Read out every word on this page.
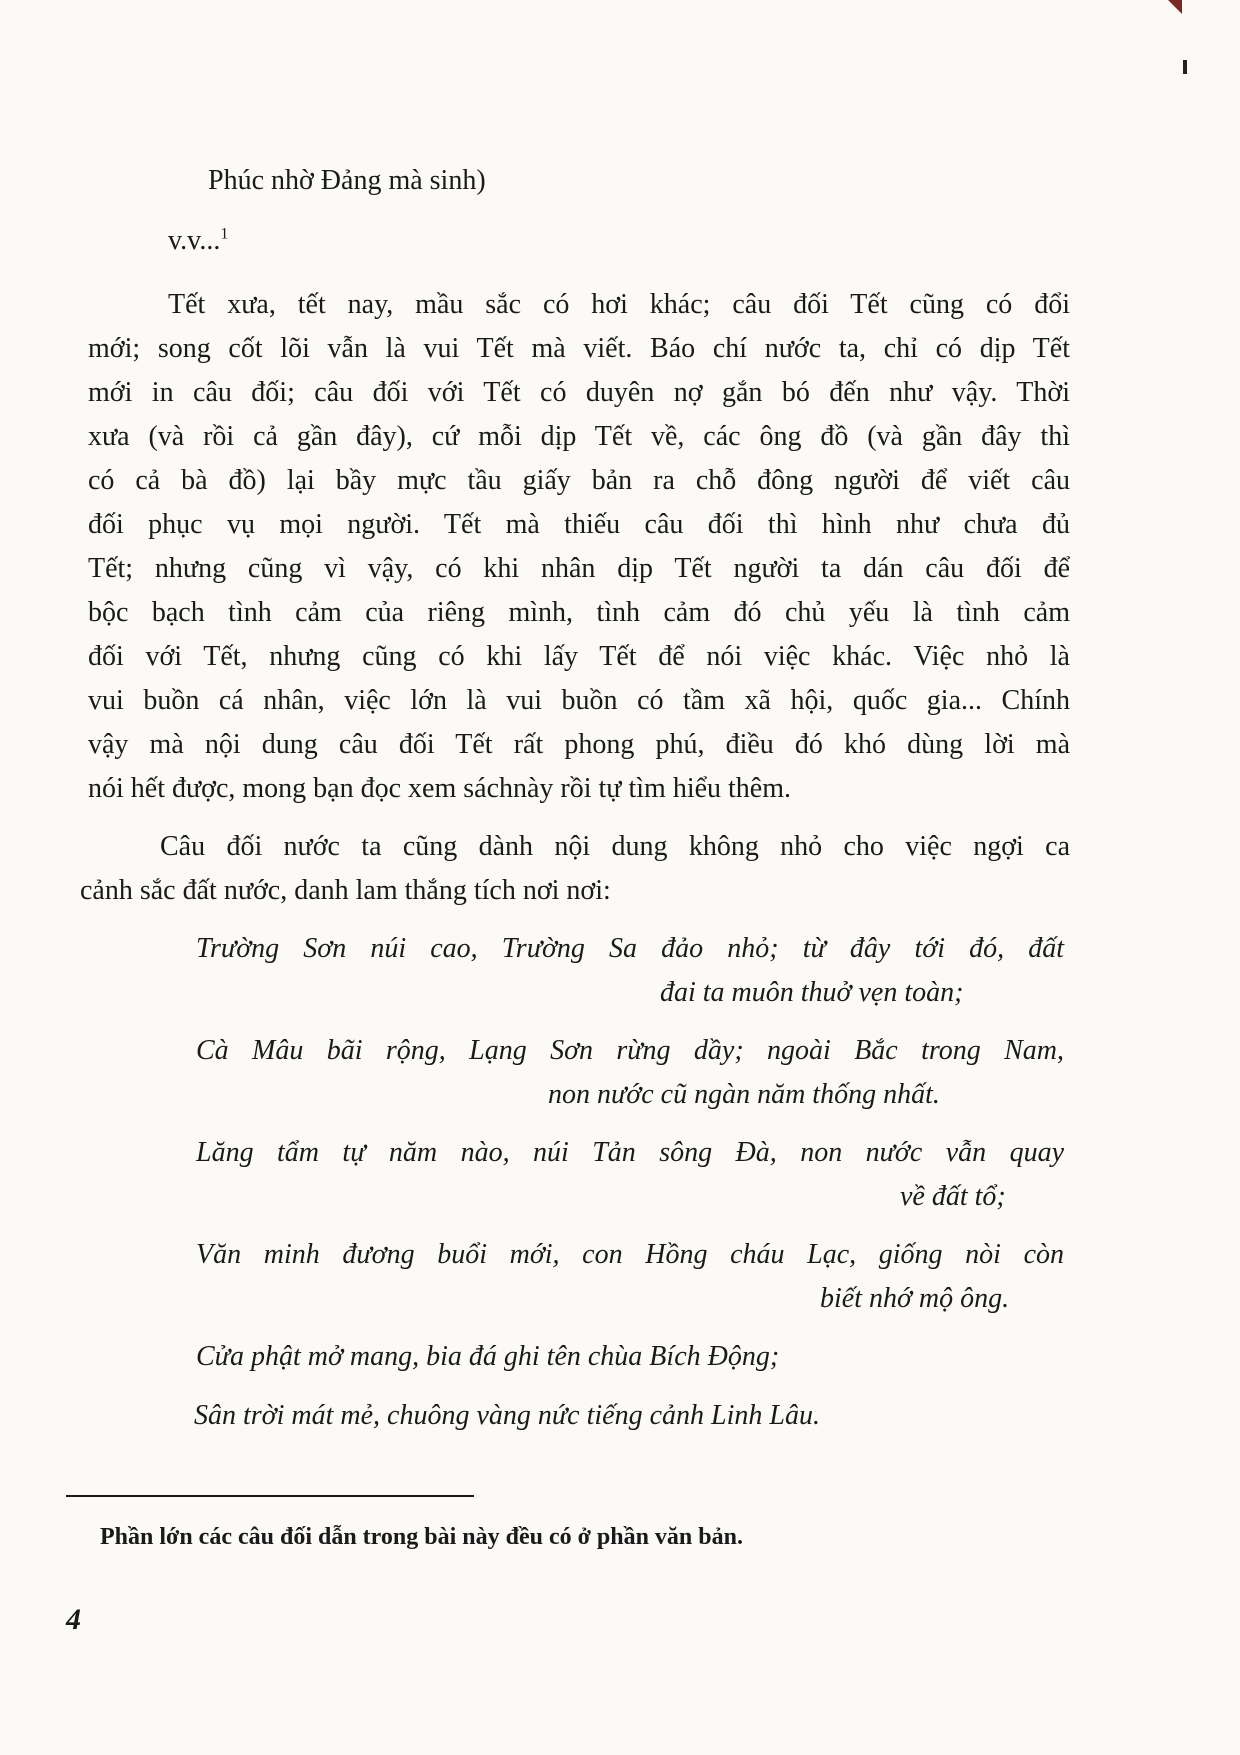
Phúc nhờ Đảng mà sinh)
v.v...$^1$
Tết xưa, tết nay, mầu sắc có hơi khác; câu đối Tết cũng có đổi
mới; song cốt lõi vẫn là vui Tết mà viết. Báo chí nước ta, chỉ có dịp Tết
mới in câu đối; câu đối với Tết có duyên nợ gắn bó đến như vậy. Thời
xưa (và rồi cả gần đây), cứ mỗi dịp Tết về, các ông đồ (và gần đây thì
có cả bà đồ) lại bầy mực tầu giấy bản ra chỗ đông người để viết câu
đối phục vụ mọi người. Tết mà thiếu câu đối thì hình như chưa đủ
Tết; nhưng cũng vì vậy, có khi nhân dịp Tết người ta dán câu đối để
bộc bạch tình cảm của riêng mình, tình cảm đó chủ yếu là tình cảm
đối với Tết, nhưng cũng có khi lấy Tết để nói việc khác. Việc nhỏ là
vui buồn cá nhân, việc lớn là vui buồn có tầm xã hội, quốc gia... Chính
vậy mà nội dung câu đối Tết rất phong phú, điều đó khó dùng lời mà
nói hết được, mong bạn đọc xem sáchnày rồi tự tìm hiểu thêm.
Câu đối nước ta cũng dành nội dung không nhỏ cho việc ngợi ca
cảnh sắc đất nước, danh lam thắng tích nơi nơi:
Trường Sơn núi cao, Trường Sa đảo nhỏ; từ đây tới đó, đất
đai ta muôn thuở vẹn toàn;
Cà Mâu bãi rộng, Lạng Sơn rừng dầy; ngoài Bắc trong Nam,
non nước cũ ngàn năm thống nhất.
Lăng tẩm tự năm nào, núi Tản sông Đà, non nước vẫn quay
về đất tổ;
Văn minh đương buổi mới, con Hồng cháu Lạc, giống nòi còn
biết nhớ mộ ông.
Cửa phật mở mang, bia đá ghi tên chùa Bích Động;
Sân trời mát mẻ, chuông vàng nức tiếng cảnh Linh Lâu.
Phần lớn các câu đối dẫn trong bài này đều có ở phần văn bản.
4
